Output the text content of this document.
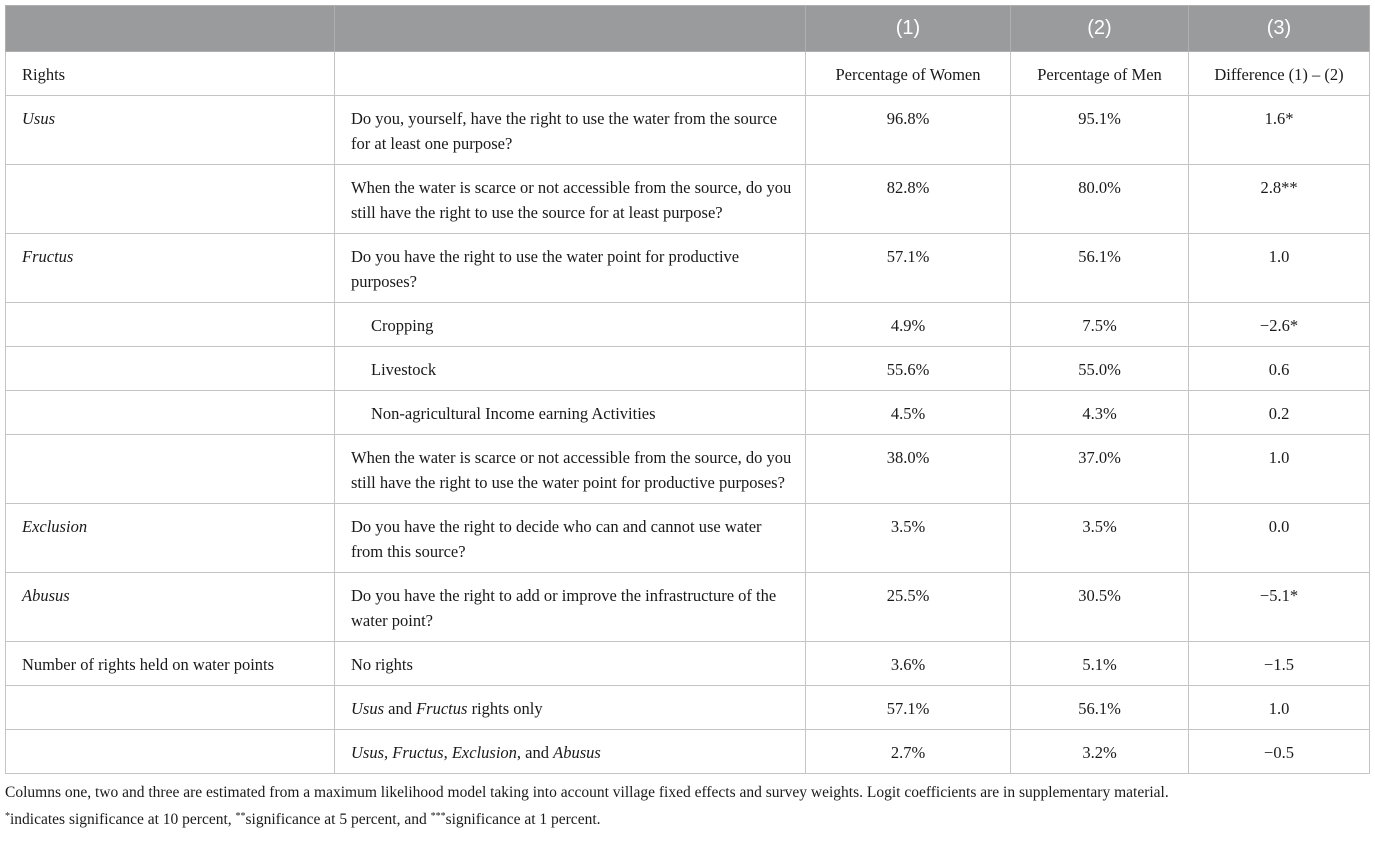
		(1)	(2)	(3)
Rights		Percentage of Women	Percentage of Men	Difference (1) – (2)
Usus	Do you, yourself, have the right to use the water from the source for at least one purpose?	96.8%	95.1%	1.6*
	When the water is scarce or not accessible from the source, do you still have the right to use the source for at least purpose?	82.8%	80.0%	2.8**
Fructus	Do you have the right to use the water point for productive purposes?	57.1%	56.1%	1.0
	Cropping	4.9%	7.5%	−2.6*
	Livestock	55.6%	55.0%	0.6
	Non-agricultural Income earning Activities	4.5%	4.3%	0.2
	When the water is scarce or not accessible from the source, do you still have the right to use the water point for productive purposes?	38.0%	37.0%	1.0
Exclusion	Do you have the right to decide who can and cannot use water from this source?	3.5%	3.5%	0.0
Abusus	Do you have the right to add or improve the infrastructure of the water point?	25.5%	30.5%	−5.1*
Number of rights held on water points	No rights	3.6%	5.1%	−1.5
	Usus and Fructus rights only	57.1%	56.1%	1.0
	Usus, Fructus, Exclusion, and Abusus	2.7%	3.2%	−0.5
Columns one, two and three are estimated from a maximum likelihood model taking into account village fixed effects and survey weights. Logit coefficients are in supplementary material.
*indicates significance at 10 percent, **significance at 5 percent, and ***significance at 1 percent.
